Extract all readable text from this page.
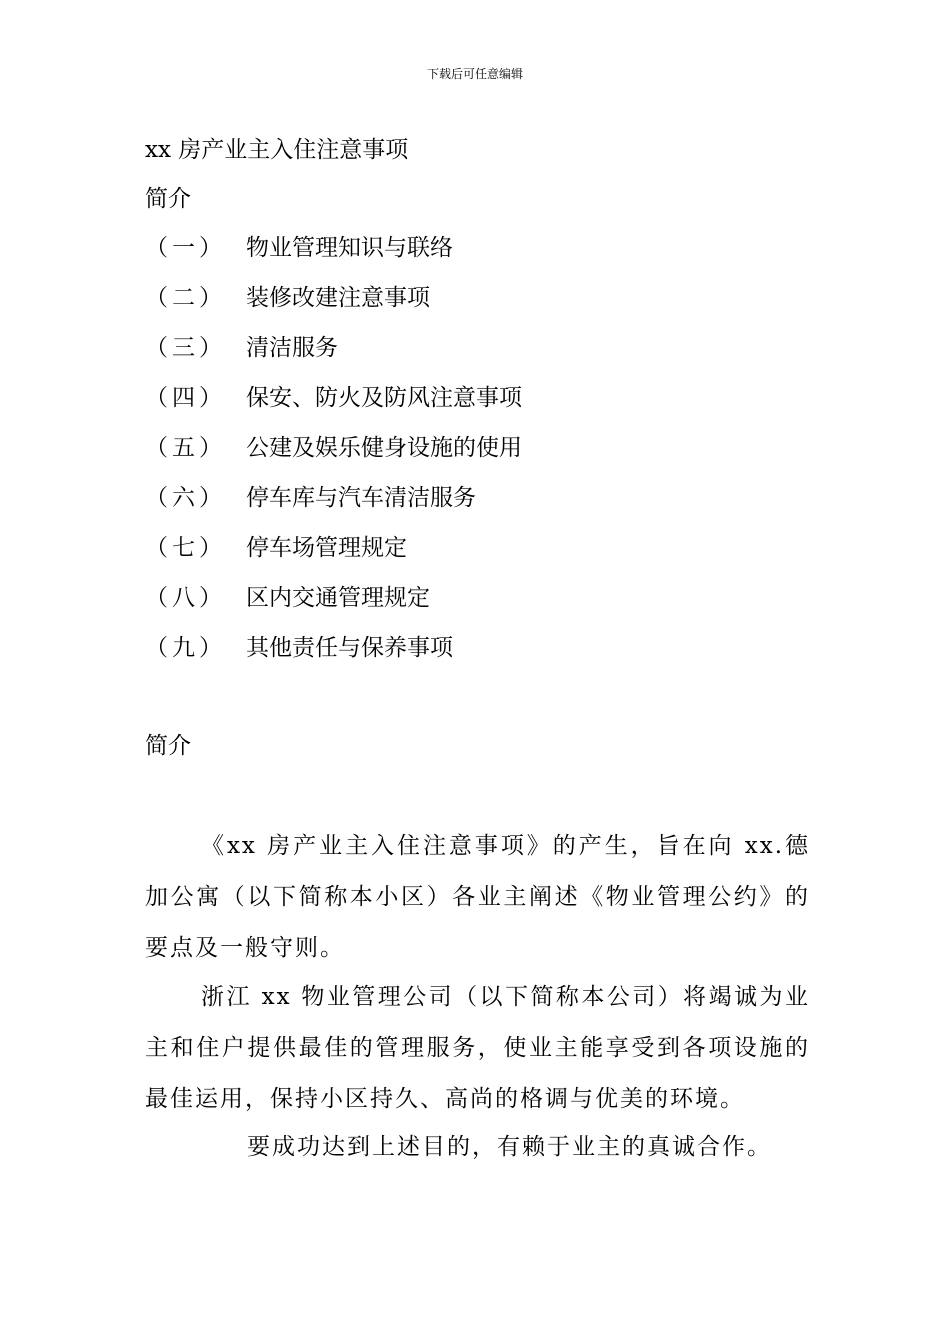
下载后可任意编辑
xx 房产业主入住注意事项
简介
（一） 物业管理知识与联络
（二） 装修改建注意事项
（三） 清洁服务
（四） 保安、防火及防风注意事项
（五） 公建及娱乐健身设施的使用
（六） 停车库与汽车清洁服务
（七） 停车场管理规定
（八） 区内交通管理规定
（九） 其他责任与保养事项
简介

《xx 房产业主入住注意事项》的产生，旨在向 xx.德加公寓（以下简称本小区）各业主阐述《物业管理公约》的要点及一般守则。

浙江 xx 物业管理公司（以下简称本公司）将竭诚为业主和住户提供最佳的管理服务，使业主能享受到各项设施的最佳运用，保持小区持久、高尚的格调与优美的环境。

要成功达到上述目的，有赖于业主的真诚合作。
